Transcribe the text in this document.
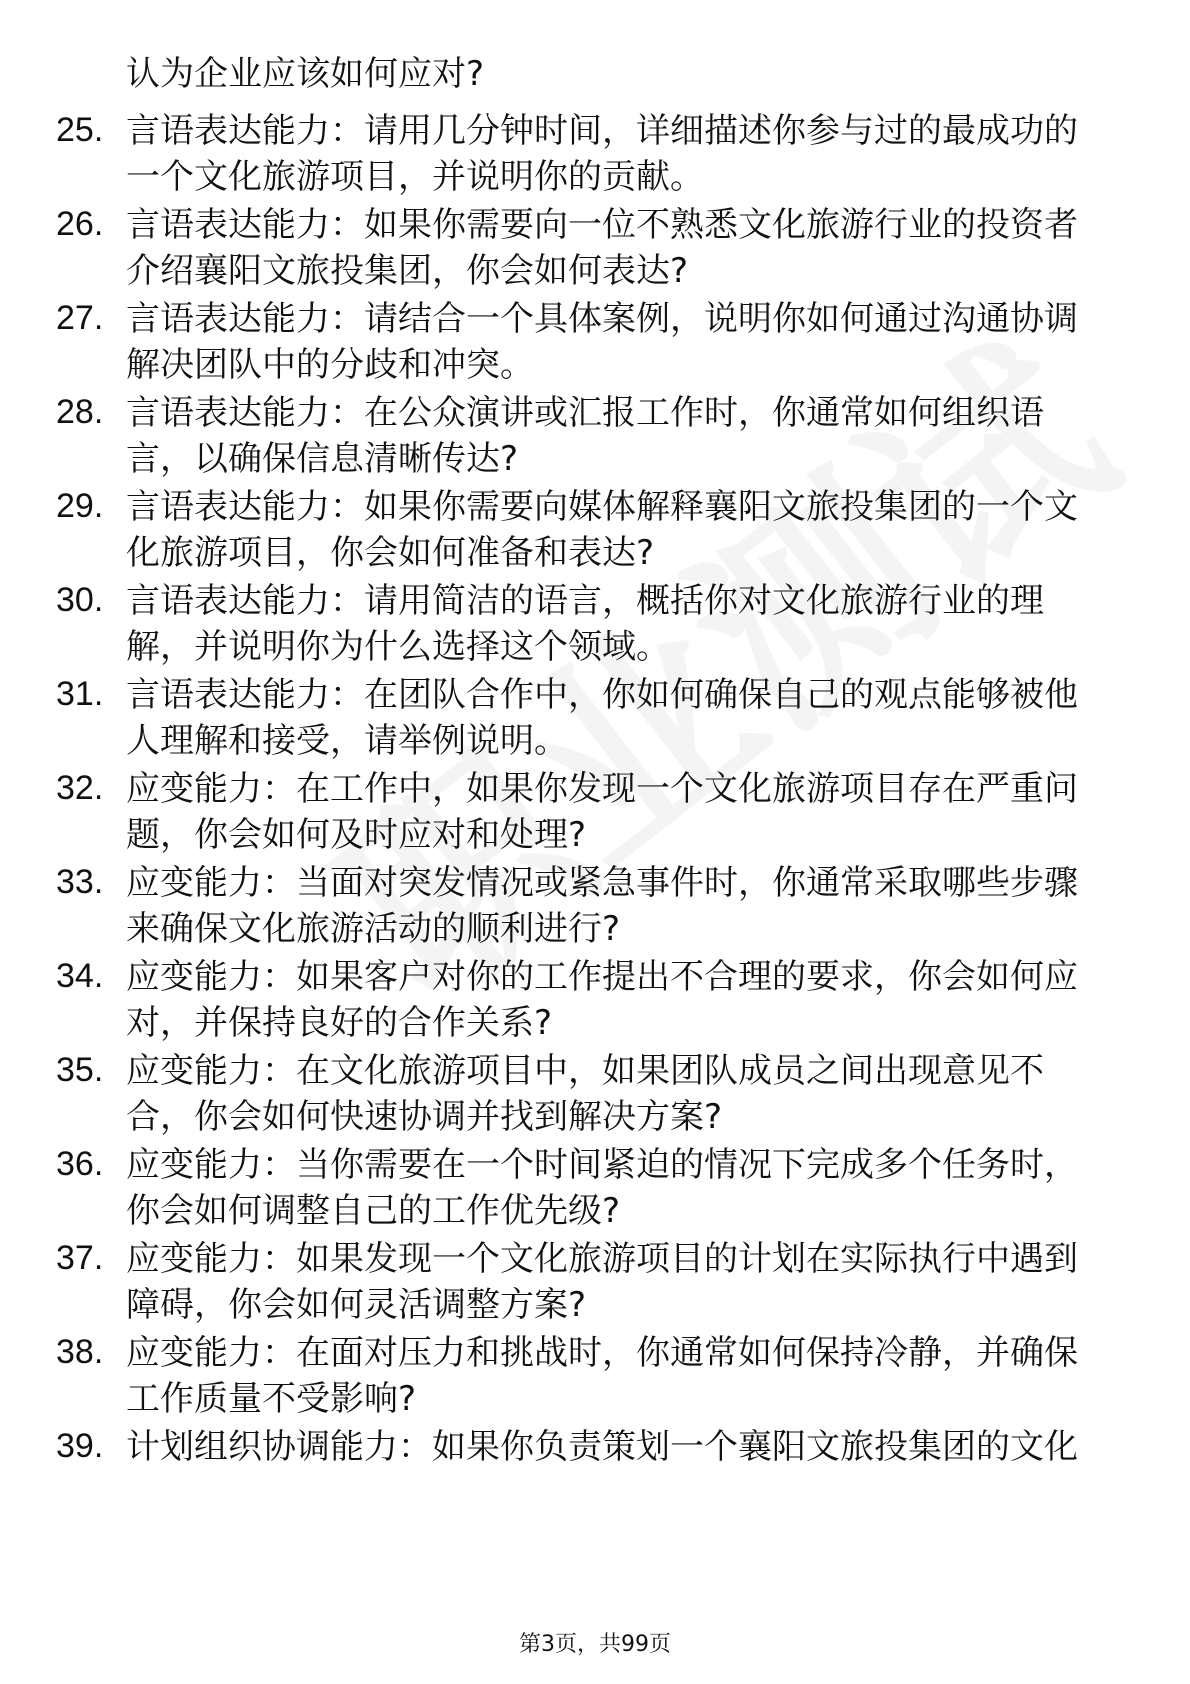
认为企业应该如何应对?
25. 言语表达能力：请用几分钟时间，详细描述你参与过的最成功的
一个文化旅游项目，并说明你的贡献。
26. 言语表达能力：如果你需要向一位不熟悉文化旅游行业的投资者
介绍襄阳文旅投集团，你会如何表达?
27. 言语表达能力：请结合一个具体案例，说明你如何通过沟通协调
解决团队中的分歧和冲突。
28. 言语表达能力：在公众演讲或汇报工作时，你通常如何组织语
言，以确保信息清晰传达?
29. 言语表达能力：如果你需要向媒体解释襄阳文旅投集团的一个文
化旅游项目，你会如何准备和表达?
30. 言语表达能力：请用简洁的语言，概括你对文化旅游行业的理
解，并说明你为什么选择这个领域。
31. 言语表达能力：在团队合作中，你如何确保自己的观点能够被他
人理解和接受，请举例说明。
32. 应变能力：在工作中，如果你发现一个文化旅游项目存在严重问
题，你会如何及时应对和处理?
33. 应变能力：当面对突发情况或紧急事件时，你通常采取哪些步骤
来确保文化旅游活动的顺利进行?
34. 应变能力：如果客户对你的工作提出不合理的要求，你会如何应
对，并保持良好的合作关系?
35. 应变能力：在文化旅游项目中，如果团队成员之间出现意见不
合，你会如何快速协调并找到解决方案?
36. 应变能力：当你需要在一个时间紧迫的情况下完成多个任务时，
你会如何调整自己的工作优先级?
37. 应变能力：如果发现一个文化旅游项目的计划在实际执行中遇到
障碍，你会如何灵活调整方案?
38. 应变能力：在面对压力和挑战时，你通常如何保持冷静，并确保
工作质量不受影响?
39. 计划组织协调能力：如果你负责策划一个襄阳文旅投集团的文化
第3页，共99页
